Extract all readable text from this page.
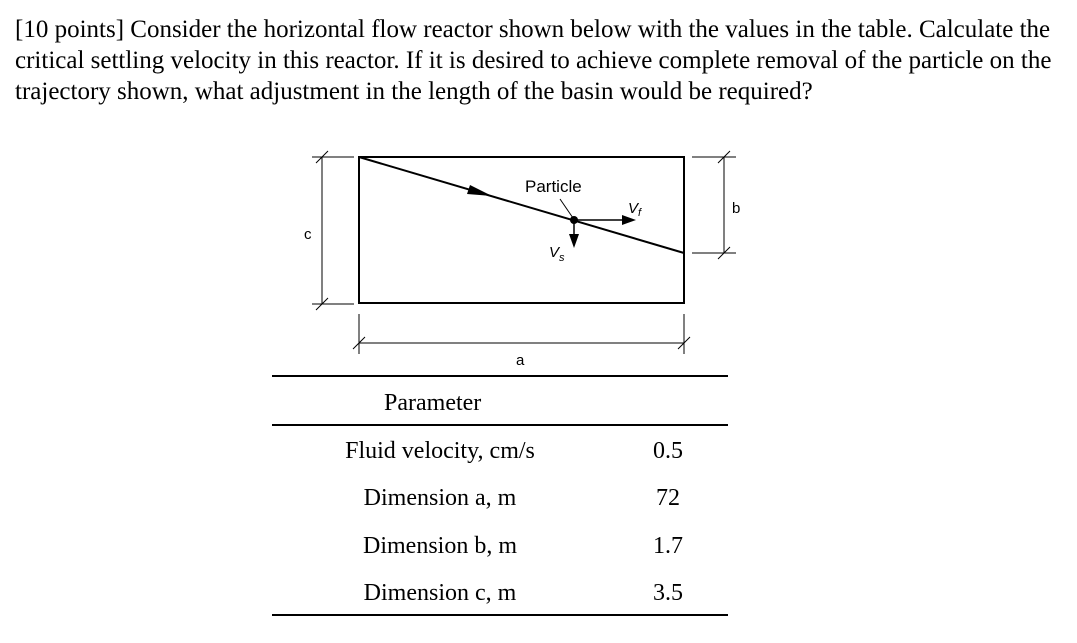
[10 points] Consider the horizontal flow reactor shown below with the values in the table. Calculate the critical settling velocity in this reactor. If it is desired to achieve complete removal of the particle on the trajectory shown, what adjustment in the length of the basin would be required?

Particle
$V_f$
$V_s$
c
b
a
Parameter
Fluid velocity, cm/s	0.5
Dimension a, m	72
Dimension b, m	1.7
Dimension c, m	3.5
